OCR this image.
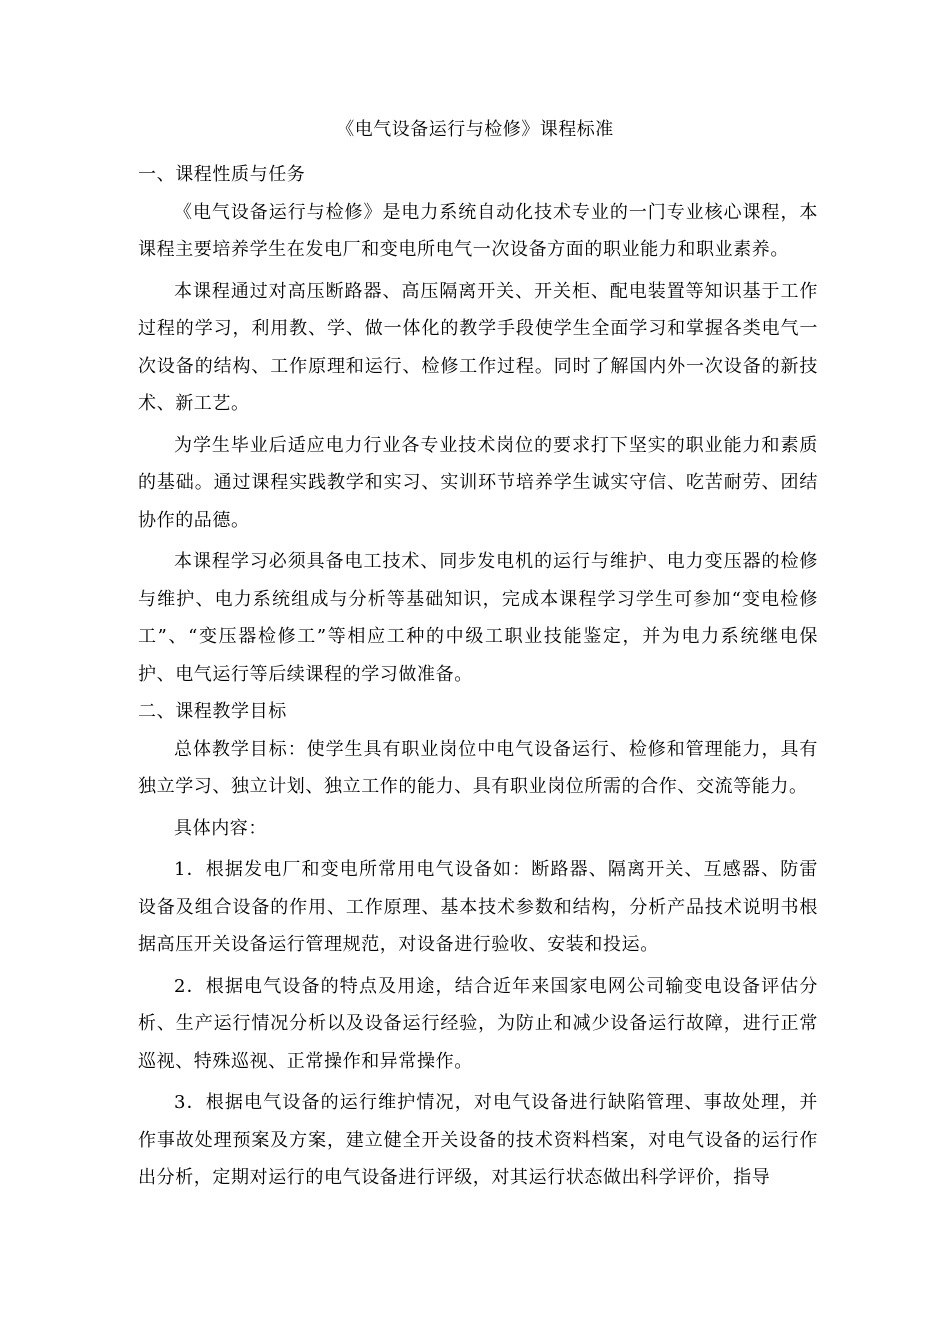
《电气设备运行与检修》课程标准

一、课程性质与任务

《电气设备运行与检修》是电力系统自动化技术专业的一门专业核心课程，本课程主要培养学生在发电厂和变电所电气一次设备方面的职业能力和职业素养。

本课程通过对高压断路器、高压隔离开关、开关柜、配电装置等知识基于工作过程的学习，利用教、学、做一体化的教学手段使学生全面学习和掌握各类电气一次设备的结构、工作原理和运行、检修工作过程。同时了解国内外一次设备的新技术、新工艺。

为学生毕业后适应电力行业各专业技术岗位的要求打下坚实的职业能力和素质的基础。通过课程实践教学和实习、实训环节培养学生诚实守信、吃苦耐劳、团结协作的品德。

本课程学习必须具备电工技术、同步发电机的运行与维护、电力变压器的检修与维护、电力系统组成与分析等基础知识，完成本课程学习学生可参加“变电检修工”、“变压器检修工”等相应工种的中级工职业技能鉴定，并为电力系统继电保护、电气运行等后续课程的学习做准备。

二、课程教学目标

总体教学目标：使学生具有职业岗位中电气设备运行、检修和管理能力，具有独立学习、独立计划、独立工作的能力、具有职业岗位所需的合作、交流等能力。

具体内容：

1．根据发电厂和变电所常用电气设备如：断路器、隔离开关、互感器、防雷设备及组合设备的作用、工作原理、基本技术参数和结构，分析产品技术说明书根据高压开关设备运行管理规范，对设备进行验收、安装和投运。

2．根据电气设备的特点及用途，结合近年来国家电网公司输变电设备评估分析、生产运行情况分析以及设备运行经验，为防止和减少设备运行故障，进行正常巡视、特殊巡视、正常操作和异常操作。

3．根据电气设备的运行维护情况，对电气设备进行缺陷管理、事故处理，并作事故处理预案及方案，建立健全开关设备的技术资料档案，对电气设备的运行作出分析，定期对运行的电气设备进行评级，对其运行状态做出科学评价，指导
